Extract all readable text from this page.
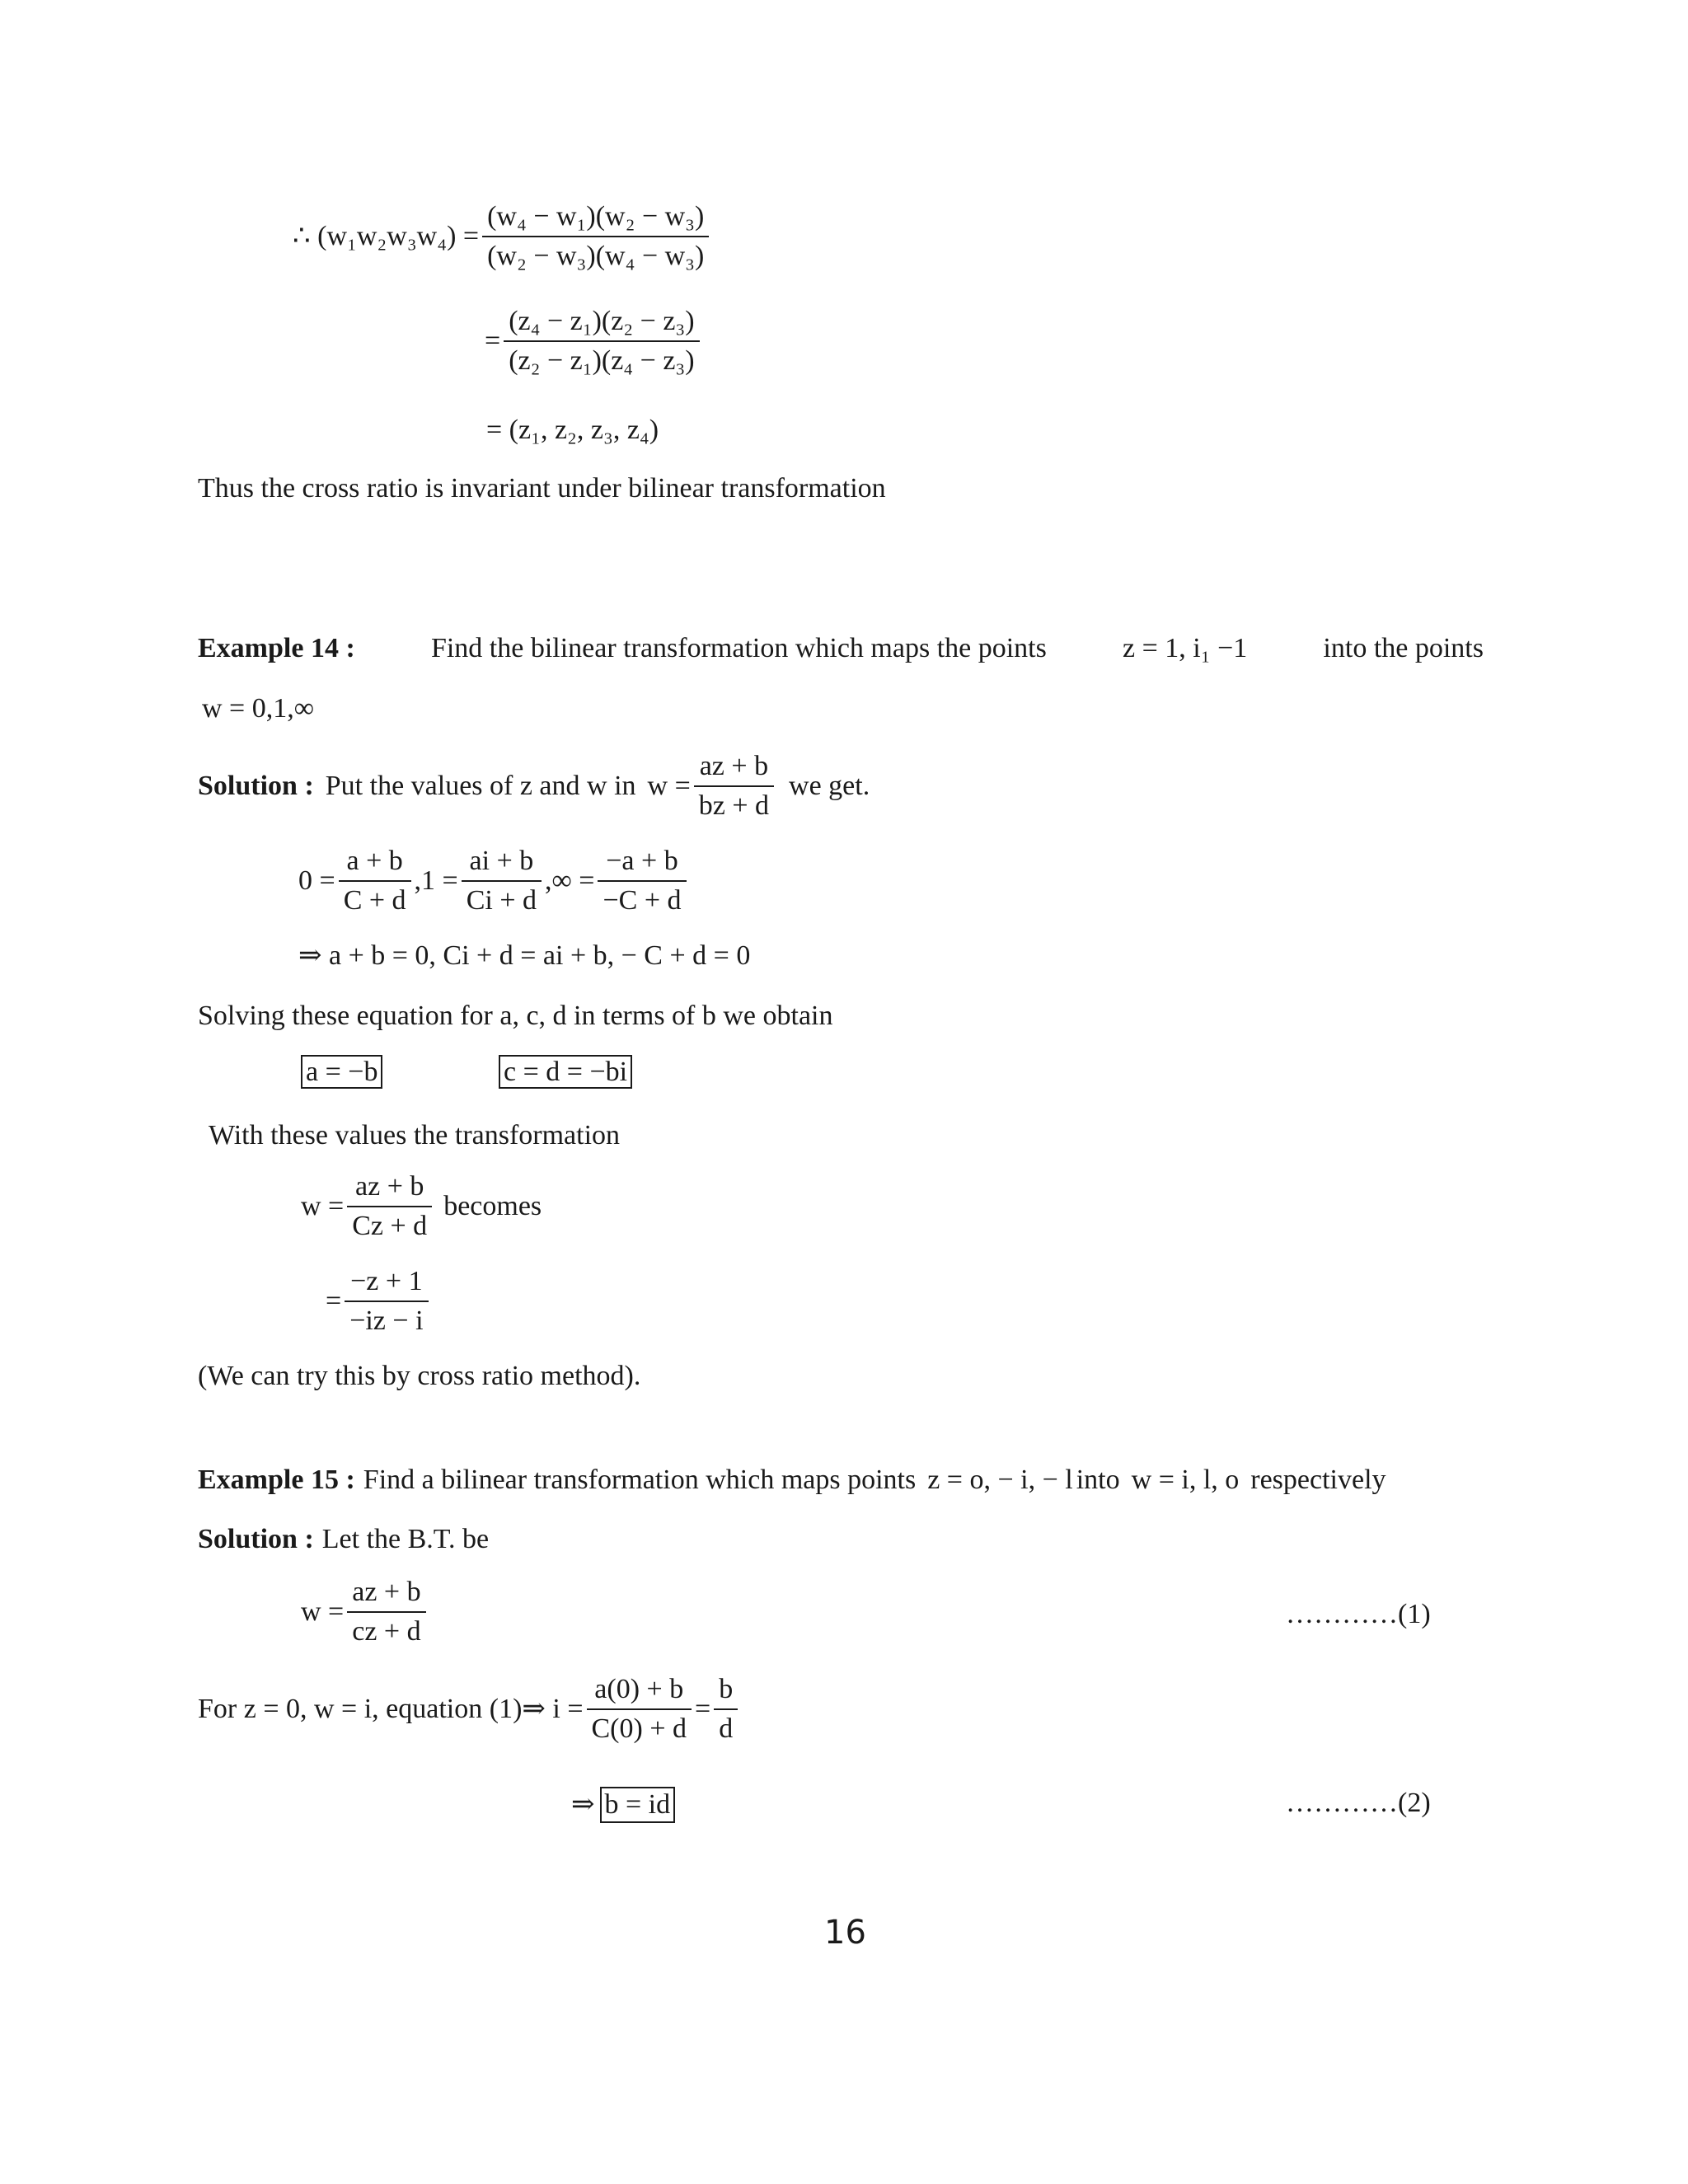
∴ $(w_1w_2w_3w_4) = \frac{\text{(w₄ − w₁)(w₂ − w₃)}}{\text{(w₂ − w₃)(w₄ − w₃)}}$
= $\frac{\text{(z₄ − z₁)(z₂ − z₃)}}{\text{(z₂ − z₁)(z₄ − z₃)}}$
= (z₁, z₂, z₃, z₄)
Thus the cross ratio is invariant under bilinear transformation
Example 14 :	Find the bilinear transformation which maps the points	z = 1, i₁ −1	into the points
w = 0,1,∞
Solution : Put the values of z and w in $w = \frac{az + b}{bz + d}$ we get.
$0 = \frac{a + b}{C + d} ,1 = \frac{ai + b}{Ci + d}$ ,∞ = $\frac{-a + b}{-C + d}$
⇒ a + b = 0, Ci + d = ai + b, − C + d = 0
Solving these equation for a, c, d in terms of b we obtain
a = −b	c = d = −bi
With these values the transformation
$w = \frac{az + b}{Cz + d}$ becomes
= $\frac{-z + 1}{-iz - i}$
(We can try this by cross ratio method).
Example 15 : Find a bilinear transformation which maps points z = o, − i, − l into w = i, l, o respectively
Solution : Let the B.T. be
$w = \frac{az + b}{cz + d}$	…………(1)
For z = 0, w = i, equation (1)⇒ $i = \frac{a(0) + b}{C(0) + d} = \frac{b}{d}$
⇒ b = id	…………(2)
16
